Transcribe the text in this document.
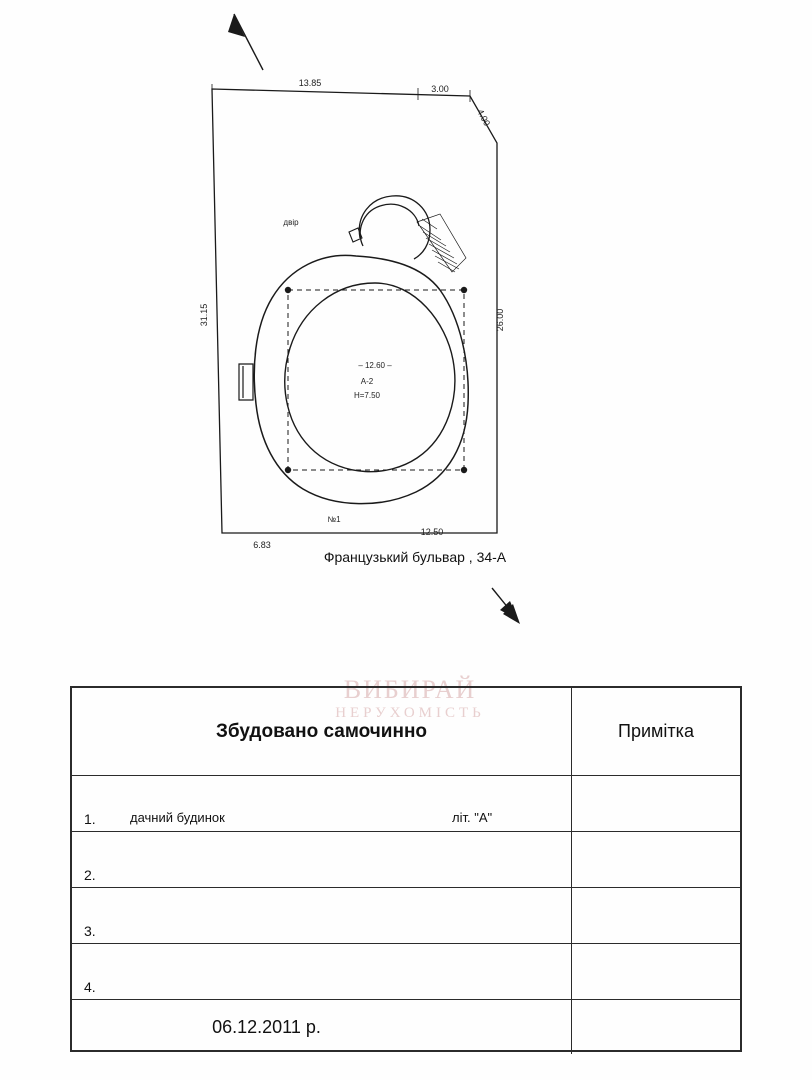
13.85
3.00
4.00
31.15	26.00
6.83
12.50
двір
– 12.60 –
A-2
H=7.50
№1
Французький бульвар , 34-А
ВИБИРАЙ
НЕРУХОМІСТЬ
Збудовано самочинно	Примітка
1.	дачний будинок	літ. "А"
2.
3.
4.
06.12.2011 р.
